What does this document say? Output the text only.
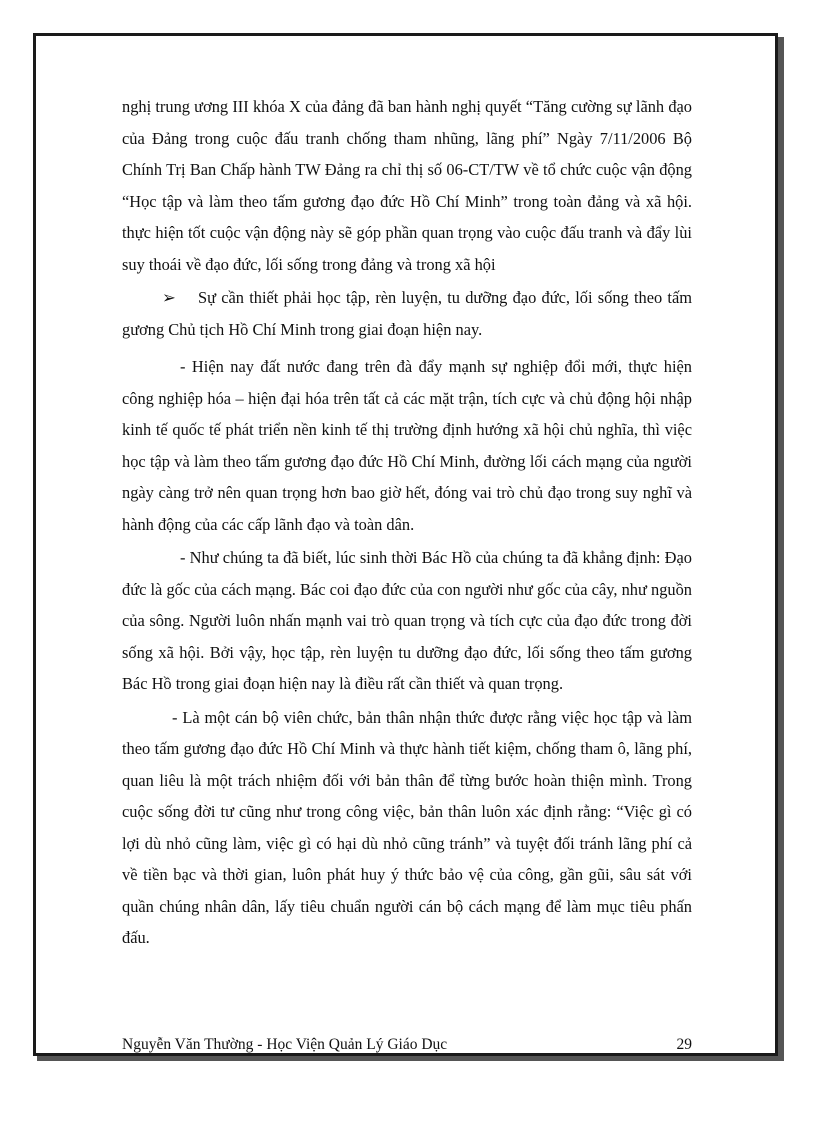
nghị trung ương III khóa X của đảng đã ban hành nghị quyết “Tăng cường sự lãnh đạo của Đảng trong cuộc đấu tranh chống tham nhũng, lãng phí” Ngày 7/11/2006 Bộ Chính Trị Ban Chấp hành TW Đảng ra chỉ thị số 06-CT/TW về tổ chức cuộc vận động “Học tập và làm theo tấm gương đạo đức Hồ Chí Minh” trong toàn đảng và xã hội. thực hiện tốt cuộc vận động này sẽ góp phần quan trọng vào cuộc đấu tranh và đẩy lùi suy thoái về đạo đức, lối sống trong đảng và trong xã hội

➢ Sự cần thiết phải học tập, rèn luyện, tu dưỡng đạo đức, lối sống theo tấm gương Chủ tịch Hồ Chí Minh trong giai đoạn hiện nay.

- Hiện nay đất nước đang trên đà đẩy mạnh sự nghiệp đổi mới, thực hiện công nghiệp hóa – hiện đại hóa trên tất cả các mặt trận, tích cực và chủ động hội nhập kinh tế quốc tế phát triển nền kinh tế thị trường định hướng xã hội chủ nghĩa, thì việc học tập và làm theo tấm gương đạo đức Hồ Chí Minh, đường lối cách mạng của người ngày càng trở nên quan trọng hơn bao giờ hết, đóng vai trò chủ đạo trong suy nghĩ và hành động của các cấp lãnh đạo và toàn dân.

- Như chúng ta đã biết, lúc sinh thời Bác Hồ của chúng ta đã khẳng định: Đạo đức là gốc của cách mạng. Bác coi đạo đức của con người như gốc của cây, như nguồn của sông. Người luôn nhấn mạnh vai trò quan trọng và tích cực của đạo đức trong đời sống xã hội. Bởi vậy, học tập, rèn luyện tu dưỡng đạo đức, lối sống theo tấm gương Bác Hồ trong giai đoạn hiện nay là điều rất cần thiết và quan trọng.

- Là một cán bộ viên chức, bản thân nhận thức được rằng việc học tập và làm theo tấm gương đạo đức Hồ Chí Minh và thực hành tiết kiệm, chống tham ô, lãng phí, quan liêu là một trách nhiệm đối với bản thân để từng bước hoàn thiện mình. Trong cuộc sống đời tư cũng như trong công việc, bản thân luôn xác định rằng: “Việc gì có lợi dù nhỏ cũng làm, việc gì có hại dù nhỏ cũng tránh” và tuyệt đối tránh lãng phí cả về tiền bạc và thời gian, luôn phát huy ý thức bảo vệ của công, gần gũi, sâu sát với quần chúng nhân dân, lấy tiêu chuẩn người cán bộ cách mạng để làm mục tiêu phấn đấu.

Nguyễn Văn Thường - Học Viện Quản Lý Giáo Dục	29
